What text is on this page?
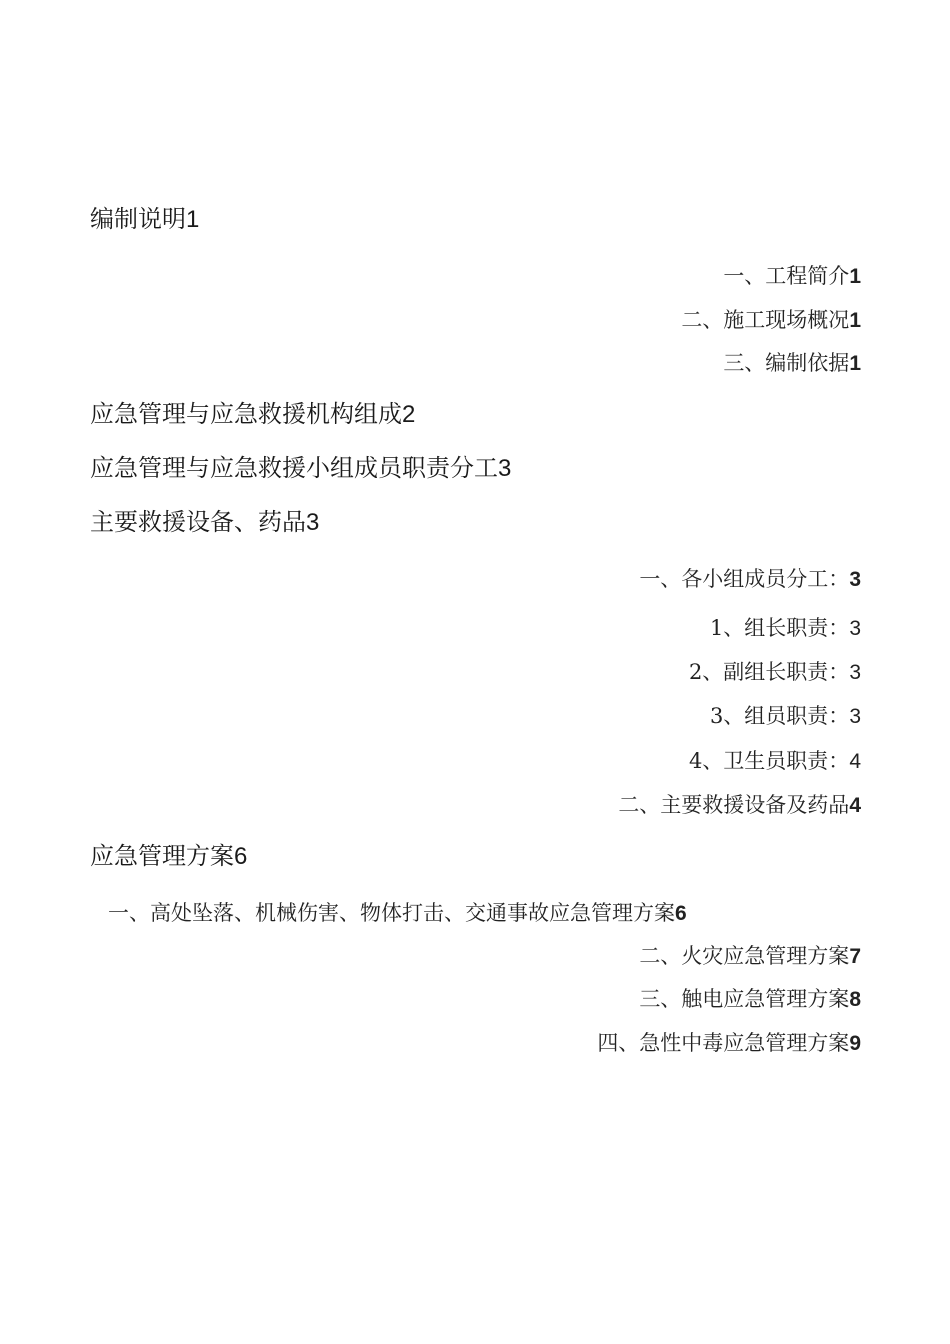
编制说明1
一、工程简介1
二、施工现场概况1
三、编制依据1
应急管理与应急救援机构组成2
应急管理与应急救援小组成员职责分工3
主要救援设备、药品3
一、各小组成员分工：3
1、组长职责：3
2、副组长职责：3
3、组员职责：3
4、卫生员职责：4
二、主要救援设备及药品4
应急管理方案6
一、高处坠落、机械伤害、物体打击、交通事故应急管理方案6
二、火灾应急管理方案7
三、触电应急管理方案8
四、急性中毒应急管理方案9
